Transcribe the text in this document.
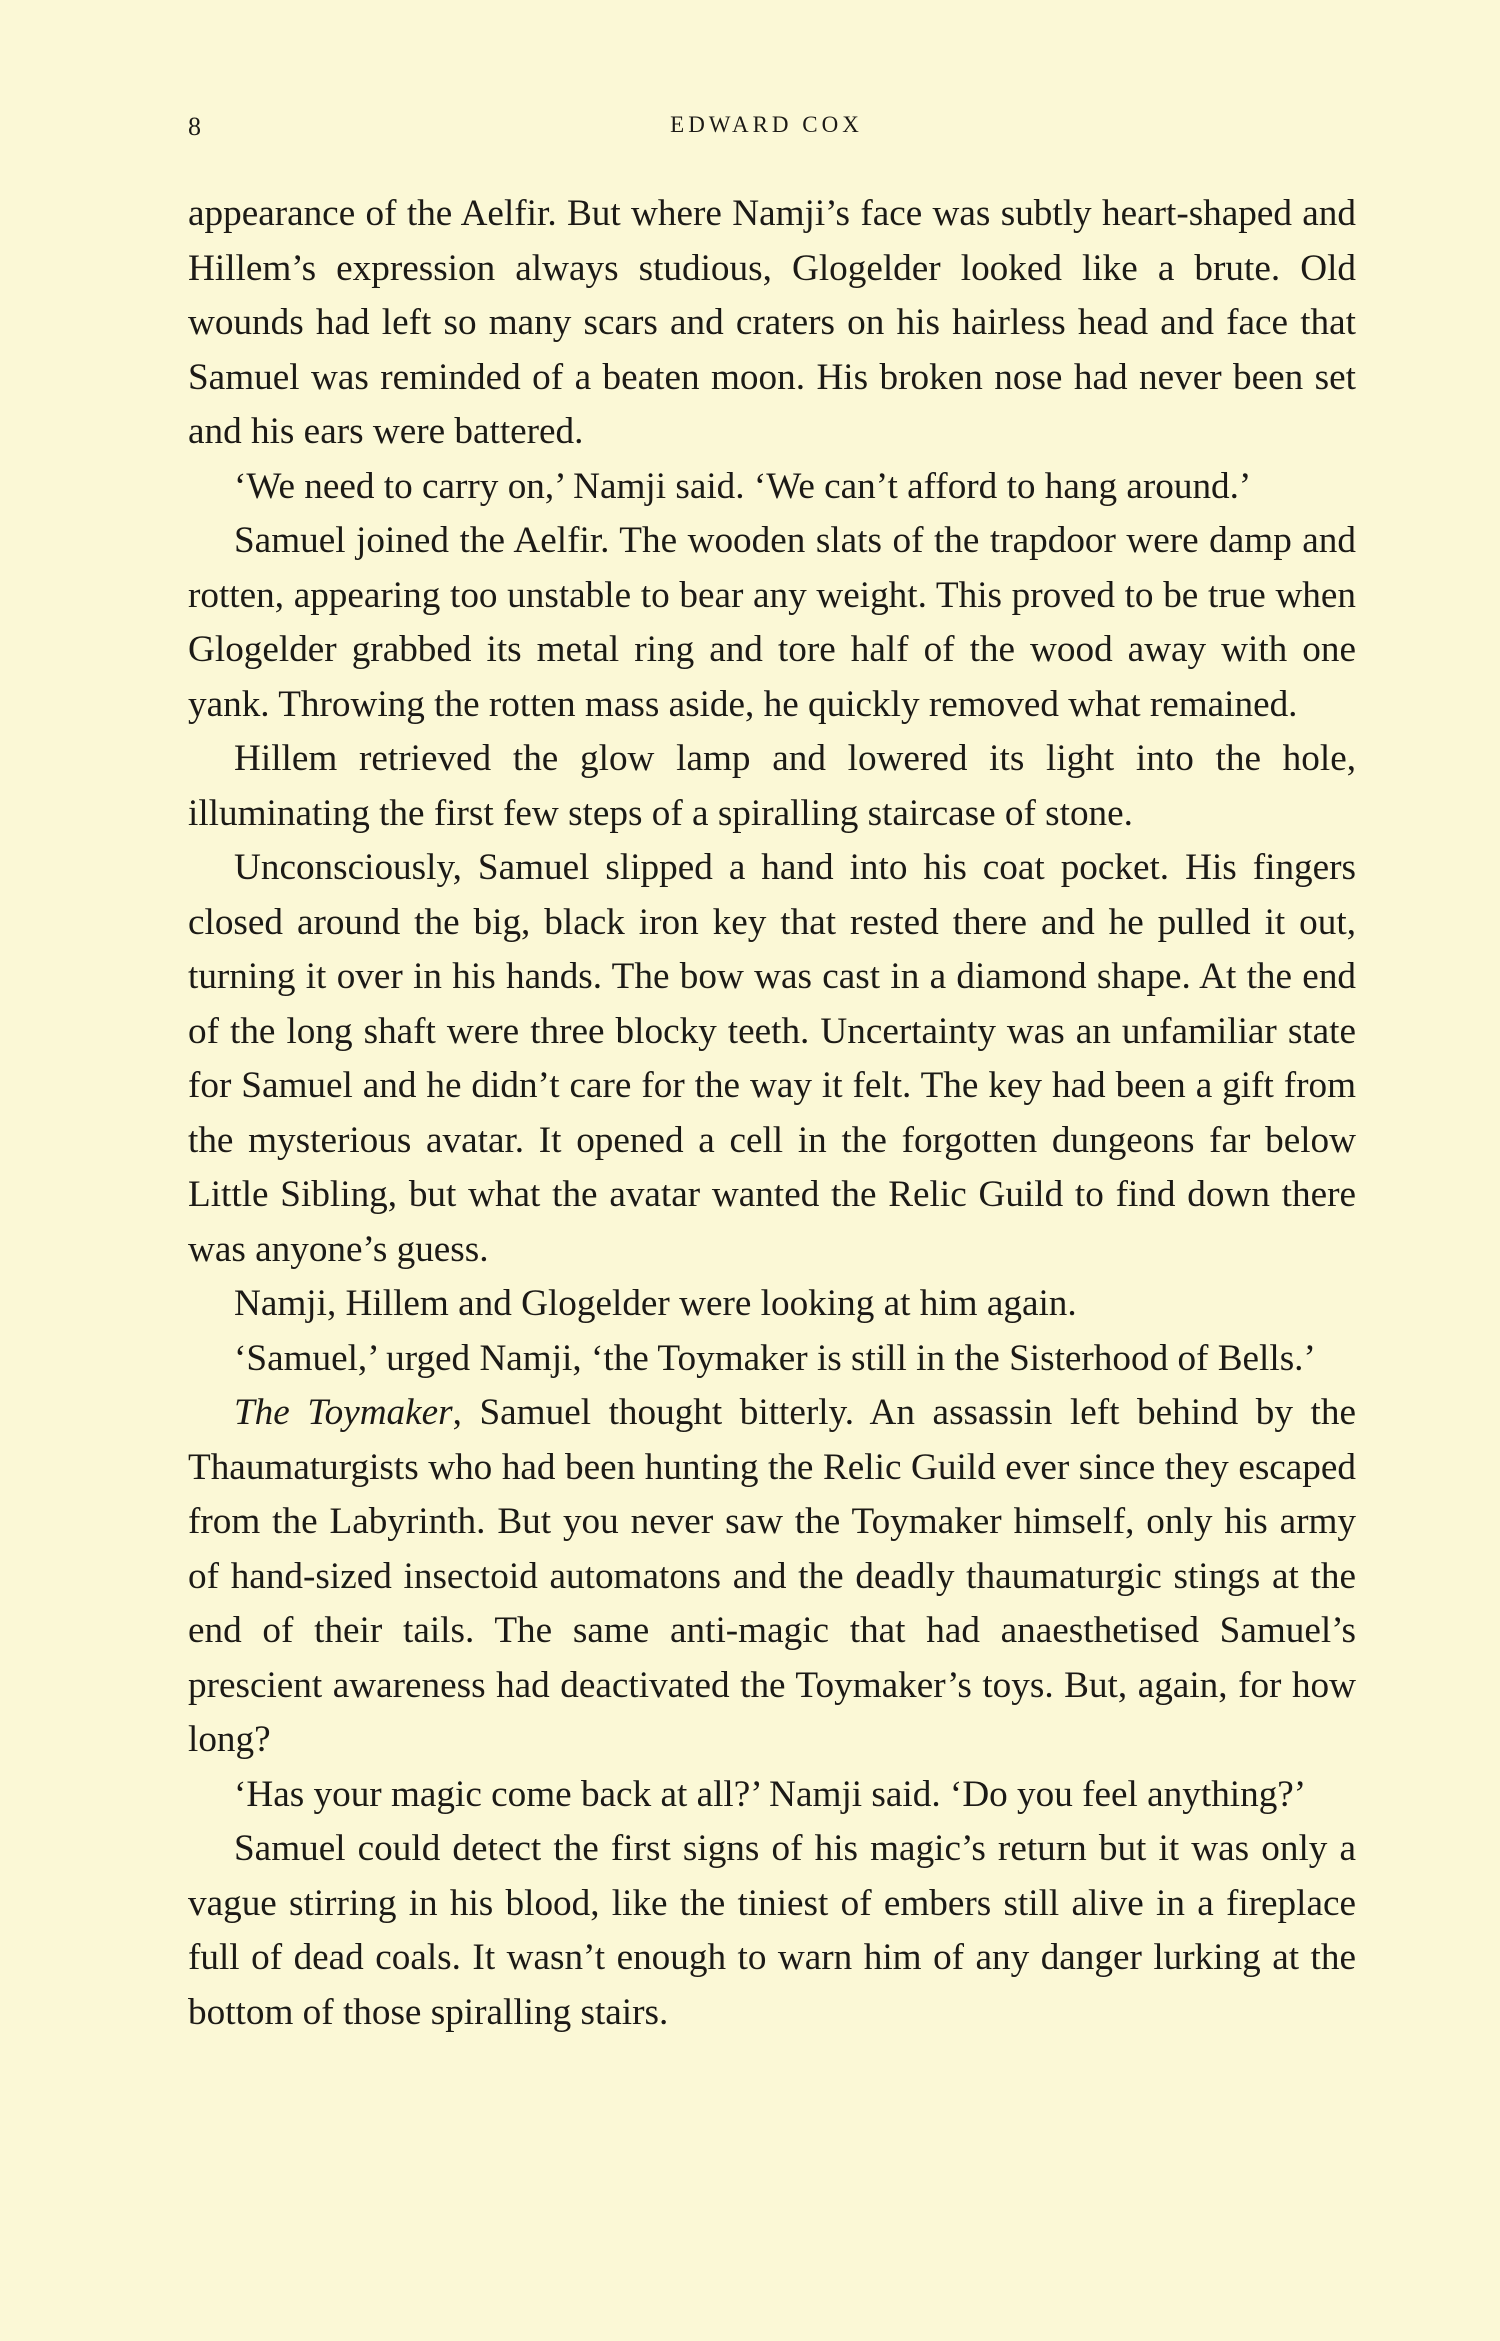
8	EDWARD COX

appearance of the Aelfir. But where Namji’s face was subtly heart-shaped and Hillem’s expression always studious, Glogelder looked like a brute. Old wounds had left so many scars and craters on his hairless head and face that Samuel was reminded of a beaten moon. His broken nose had never been set and his ears were battered.

‘We need to carry on,’ Namji said. ‘We can’t afford to hang around.’

Samuel joined the Aelfir. The wooden slats of the trapdoor were damp and rotten, appearing too unstable to bear any weight. This proved to be true when Glogelder grabbed its metal ring and tore half of the wood away with one yank. Throwing the rotten mass aside, he quickly removed what remained.

Hillem retrieved the glow lamp and lowered its light into the hole, illuminating the first few steps of a spiralling staircase of stone.

Unconsciously, Samuel slipped a hand into his coat pocket. His fingers closed around the big, black iron key that rested there and he pulled it out, turning it over in his hands. The bow was cast in a diamond shape. At the end of the long shaft were three blocky teeth. Uncertainty was an unfamiliar state for Samuel and he didn’t care for the way it felt. The key had been a gift from the mysterious avatar. It opened a cell in the forgotten dungeons far below Little Sibling, but what the avatar wanted the Relic Guild to find down there was anyone’s guess.

Namji, Hillem and Glogelder were looking at him again.

‘Samuel,’ urged Namji, ‘the Toymaker is still in the Sisterhood of Bells.’

The Toymaker, Samuel thought bitterly. An assassin left behind by the Thaumaturgists who had been hunting the Relic Guild ever since they escaped from the Labyrinth. But you never saw the Toymaker himself, only his army of hand-sized insectoid automatons and the deadly thaumaturgic stings at the end of their tails. The same anti-magic that had anaesthetised Samuel’s prescient awareness had deactivated the Toymaker’s toys. But, again, for how long?

‘Has your magic come back at all?’ Namji said. ‘Do you feel anything?’

Samuel could detect the first signs of his magic’s return but it was only a vague stirring in his blood, like the tiniest of embers still alive in a fireplace full of dead coals. It wasn’t enough to warn him of any danger lurking at the bottom of those spiralling stairs.
